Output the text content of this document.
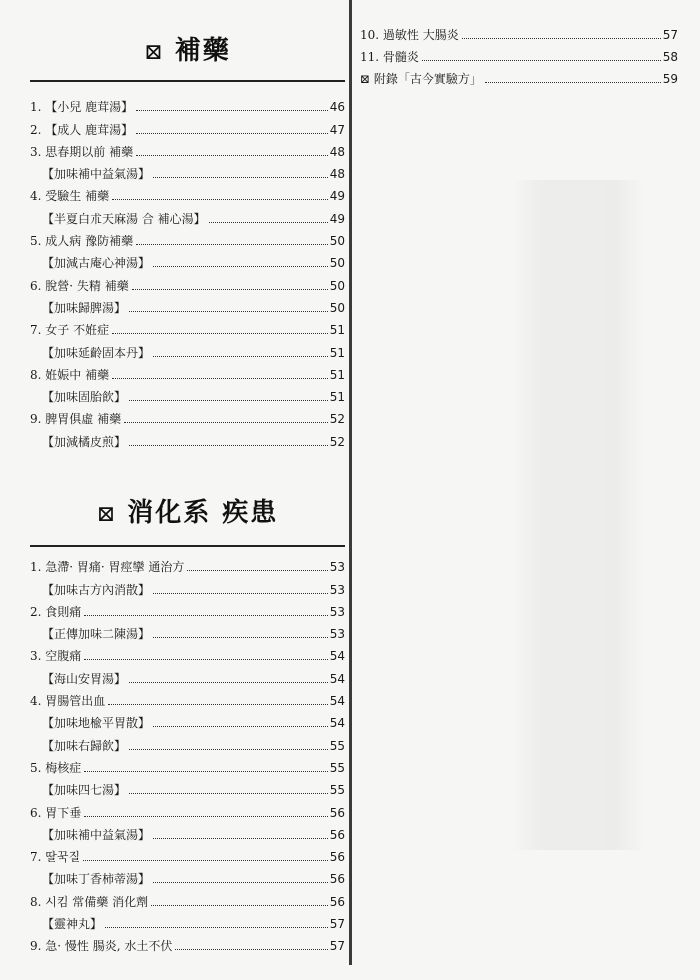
⊠ 補藥
1. 【小兒 鹿茸湯】	46
2. 【成人 鹿茸湯】	47
3. 思春期以前 補藥	48
【加味補中益氣湯】	48
4. 受驗生 補藥	49
【半夏白朮天麻湯 合 補心湯】	49
5. 成人病 豫防補藥	50
【加減古庵心神湯】	50
6. 脫營· 失精 補藥	50
【加味歸脾湯】	50
7. 女子 不姙症	51
【加味延齡固本丹】	51
8. 姙娠中 補藥	51
【加味固胎飮】	51
9. 脾胃俱虛 補藥	52
【加減橘皮煎】	52
⊠ 消化系 疾患
1. 急滯· 胃痛· 胃痙攣 通治方	53
【加味古方內消散】	53
2. 食則痛	53
【正傳加味二陳湯】	53
3. 空腹痛	54
【海山安胃湯】	54
4. 胃腸管出血	54
【加味地楡平胃散】	54
【加味右歸飮】	55
5. 梅核症	55
【加味四七湯】	55
6. 胃下垂	56
【加味補中益氣湯】	56
7. 딸꾹질	56
【加味丁香柿蒂湯】	56
8. 시킴 常備藥 消化劑	56
【靈神丸】	57
9. 急· 慢性 腸炎, 水土不伏	57
10. 過敏性 大腸炎	57
11. 骨髓炎	58
⊠ 附錄「古今實驗方」	59
